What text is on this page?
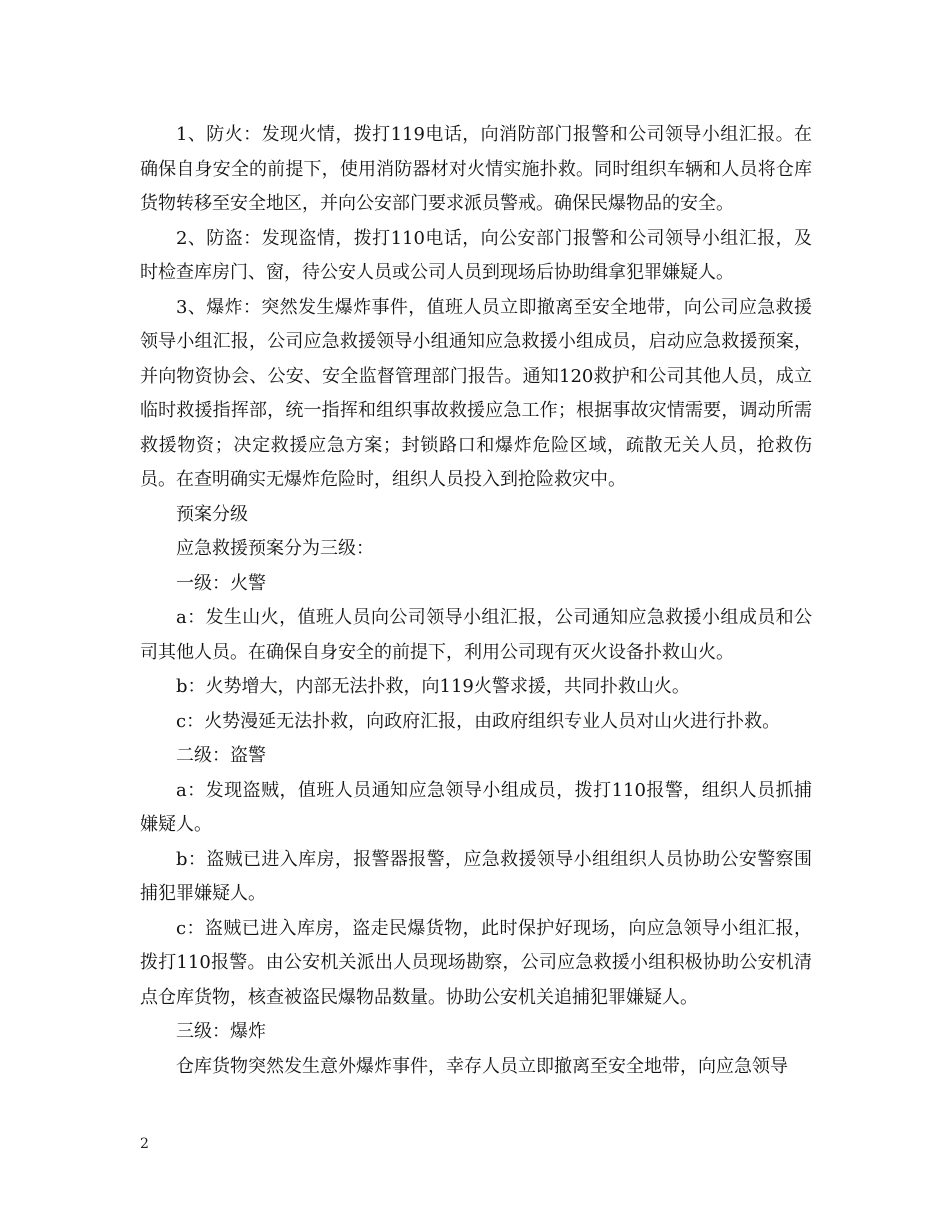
1、防火：发现火情，拨打119电话，向消防部门报警和公司领导小组汇报。在确保自身安全的前提下，使用消防器材对火情实施扑救。同时组织车辆和人员将仓库货物转移至安全地区，并向公安部门要求派员警戒。确保民爆物品的安全。

2、防盗：发现盗情，拨打110电话，向公安部门报警和公司领导小组汇报，及时检查库房门、窗，待公安人员或公司人员到现场后协助缉拿犯罪嫌疑人。

3、爆炸：突然发生爆炸事件，值班人员立即撤离至安全地带，向公司应急救援领导小组汇报，公司应急救援领导小组通知应急救援小组成员，启动应急救援预案，并向物资协会、公安、安全监督管理部门报告。通知120救护和公司其他人员，成立临时救援指挥部，统一指挥和组织事故救援应急工作；根据事故灾情需要，调动所需救援物资；决定救援应急方案；封锁路口和爆炸危险区域，疏散无关人员，抢救伤员。在查明确实无爆炸危险时，组织人员投入到抢险救灾中。

预案分级

应急救援预案分为三级：

一级：火警

a：发生山火，值班人员向公司领导小组汇报，公司通知应急救援小组成员和公司其他人员。在确保自身安全的前提下，利用公司现有灭火设备扑救山火。

b：火势增大，内部无法扑救，向119火警求援，共同扑救山火。

c：火势漫延无法扑救，向政府汇报，由政府组织专业人员对山火进行扑救。

二级：盗警

a：发现盗贼，值班人员通知应急领导小组成员，拨打110报警，组织人员抓捕嫌疑人。

b：盗贼已进入库房，报警器报警，应急救援领导小组组织人员协助公安警察围捕犯罪嫌疑人。

c：盗贼已进入库房，盗走民爆货物，此时保护好现场，向应急领导小组汇报，拨打110报警。由公安机关派出人员现场勘察，公司应急救援小组积极协助公安机清点仓库货物，核查被盗民爆物品数量。协助公安机关追捕犯罪嫌疑人。

三级：爆炸

仓库货物突然发生意外爆炸事件，幸存人员立即撤离至安全地带，向应急领导

2
